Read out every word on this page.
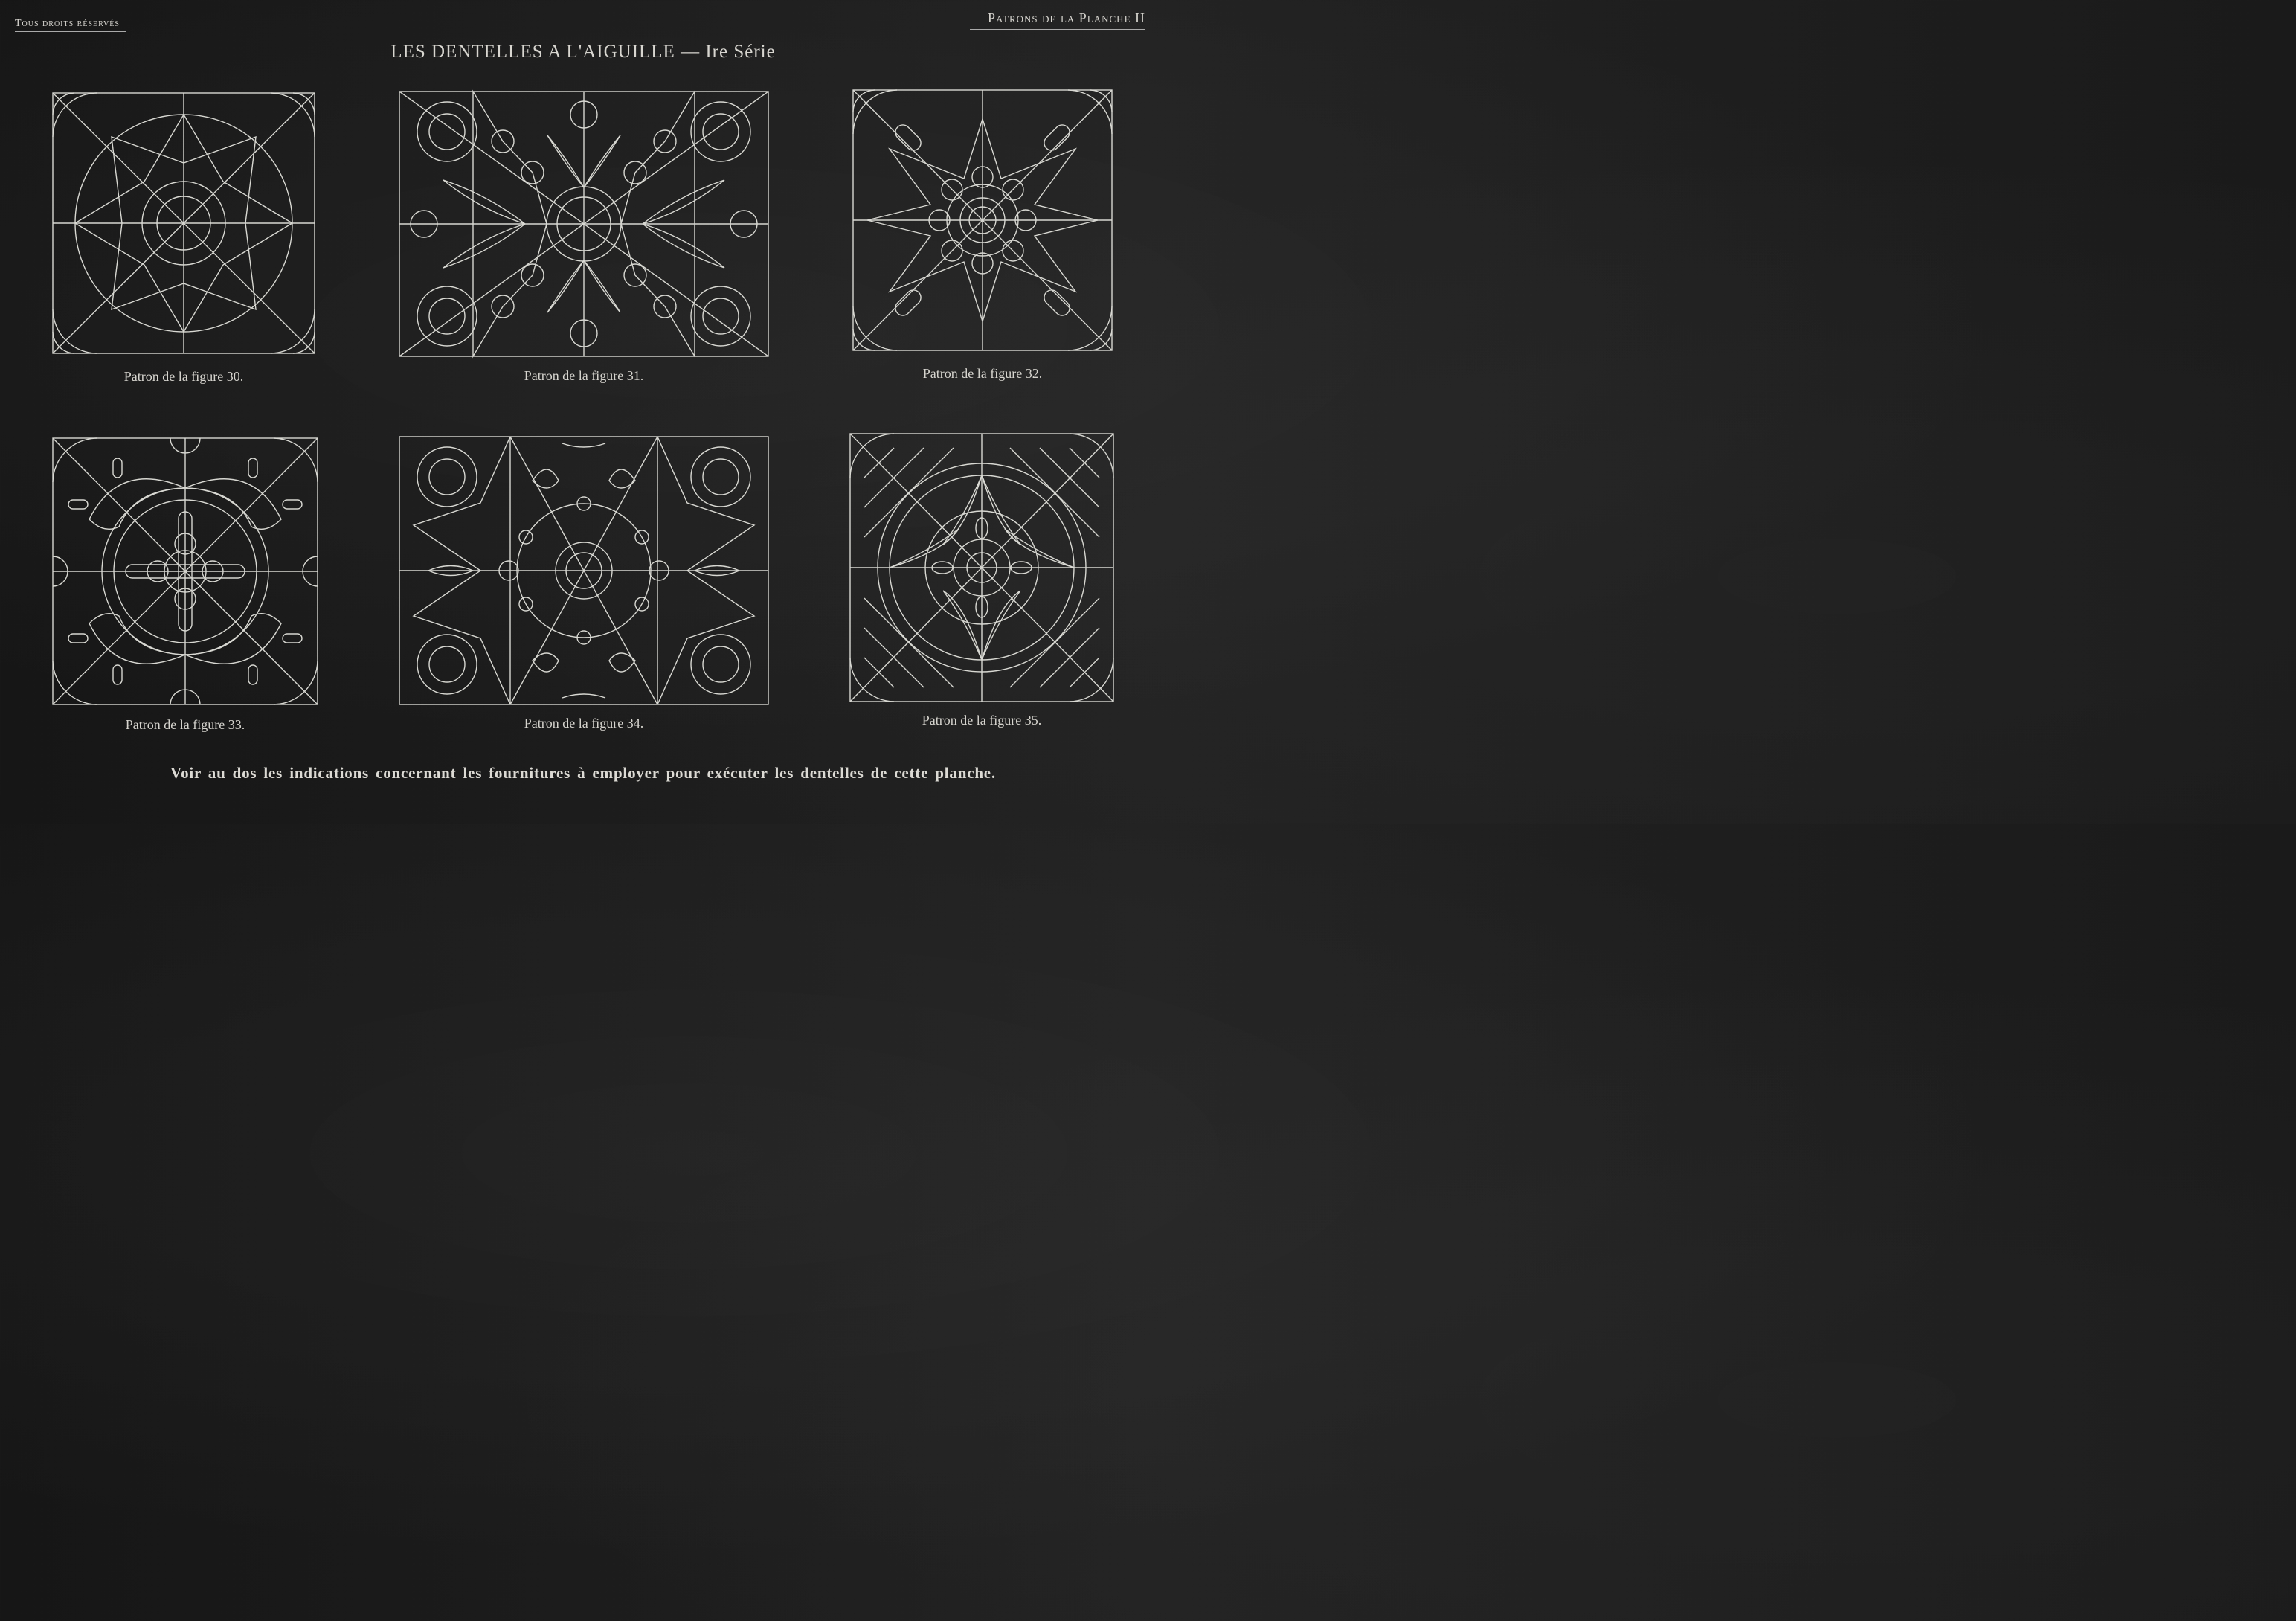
Tous droits réservés	Patrons de la Planche II
LES DENTELLES A L'AIGUILLE — Ire Série
Patron de la figure 30.	Patron de la figure 31.	Patron de la figure 32.
Patron de la figure 33.	Patron de la figure 34.	Patron de la figure 35.
Voir au dos les indications concernant les fournitures à employer pour exécuter les dentelles de cette planche.
